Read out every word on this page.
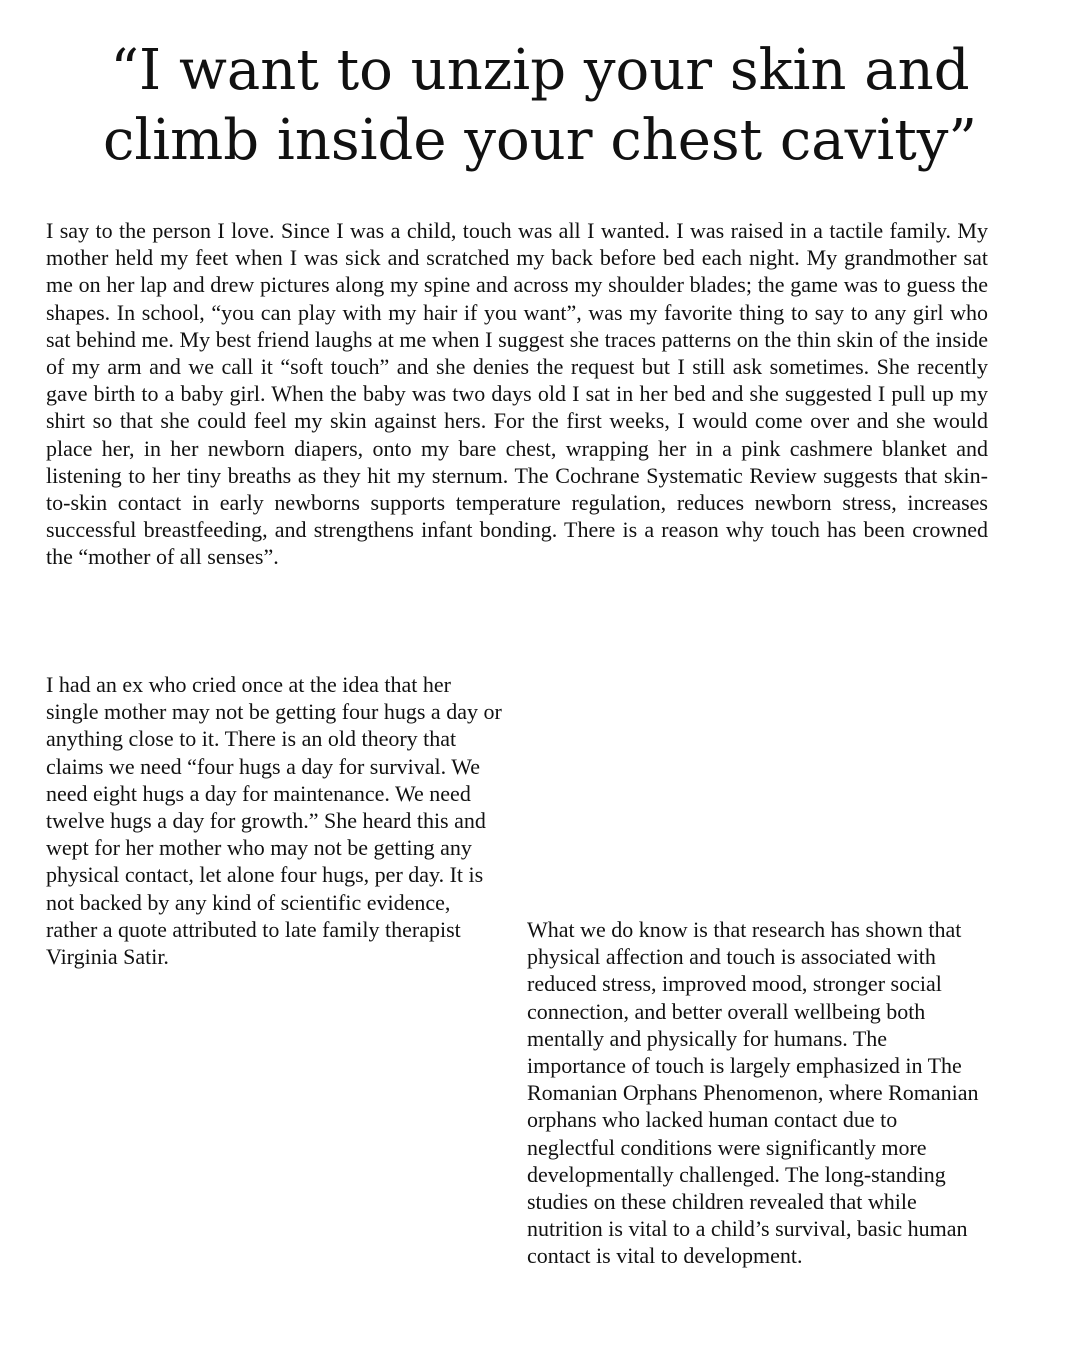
“I want to unzip your skin and climb inside your chest cavity”

I say to the person I love. Since I was a child, touch was all I wanted. I was raised in a tactile family. My mother held my feet when I was sick and scratched my back before bed each night. My grandmother sat me on her lap and drew pictures along my spine and across my shoulder blades; the game was to guess the shapes. In school, “you can play with my hair if you want”, was my favorite thing to say to any girl who sat behind me. My best friend laughs at me when I suggest she traces patterns on the thin skin of the inside of my arm and we call it “soft touch” and she denies the request but I still ask sometimes. She recently gave birth to a baby girl. When the baby was two days old I sat in her bed and she suggested I pull up my shirt so that she could feel my skin against hers. For the first weeks, I would come over and she would place her, in her newborn diapers, onto my bare chest, wrapping her in a pink cashmere blanket and listening to her tiny breaths as they hit my sternum. The Cochrane Systematic Review suggests that skin-to-skin contact in early newborns supports temperature regulation, reduces newborn stress, increases successful breastfeeding, and strengthens infant bonding. There is a reason why touch has been crowned the “mother of all senses”.

I had an ex who cried once at the idea that her single mother may not be getting four hugs a day or anything close to it. There is an old theory that claims we need “four hugs a day for survival. We need eight hugs a day for maintenance. We need twelve hugs a day for growth.” She heard this and wept for her mother who may not be getting any physical contact, let alone four hugs, per day. It is not backed by any kind of scientific evidence, rather a quote attributed to late family therapist Virginia Satir.

What we do know is that research has shown that physical affection and touch is associated with reduced stress, improved mood, stronger social connection, and better overall wellbeing both mentally and physically for humans. The importance of touch is largely emphasized in The Romanian Orphans Phenomenon, where Romanian orphans who lacked human contact due to neglectful conditions were significantly more developmentally challenged. The long-standing studies on these children revealed that while nutrition is vital to a child’s survival, basic human contact is vital to development.
